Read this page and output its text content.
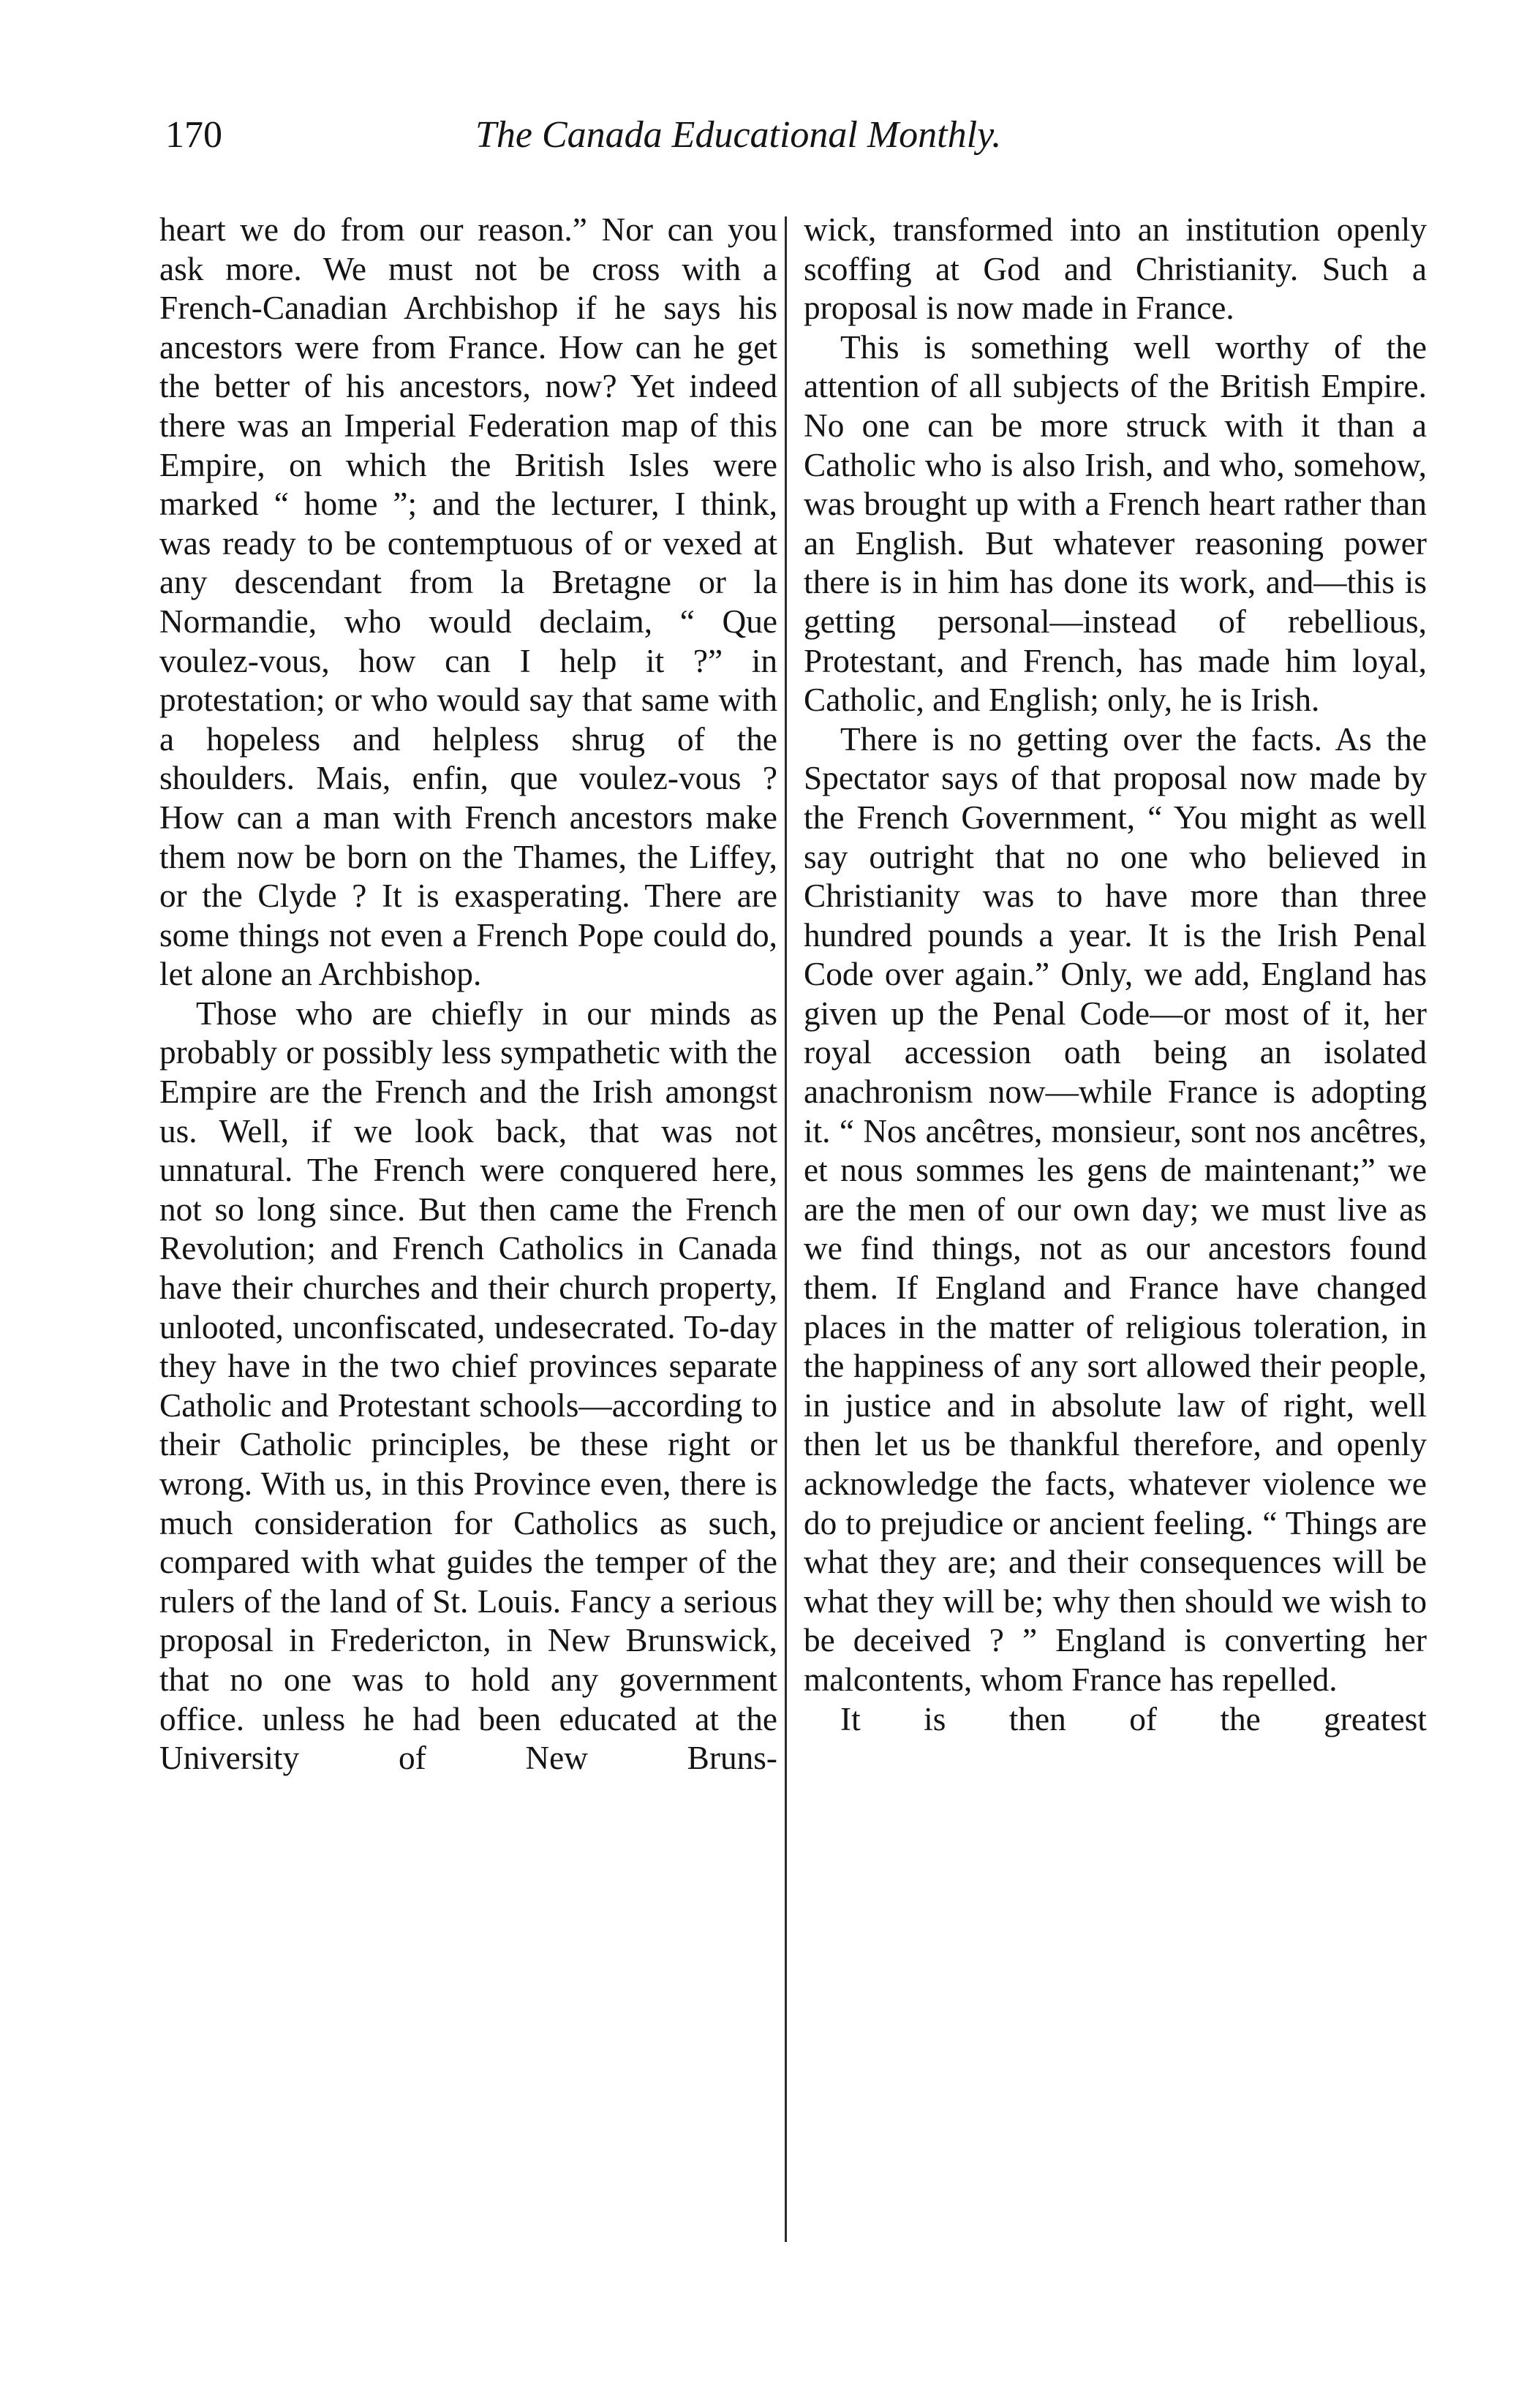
170	The Canada Educational Monthly.

heart we do from our reason.” Nor can you ask more. We must not be cross with a French-Canadian Archbishop if he says his ancestors were from France. How can he get the better of his ancestors, now? Yet indeed there was an Imperial Federation map of this Empire, on which the British Isles were marked “ home ”; and the lecturer, I think, was ready to be contemptuous of or vexed at any descendant from la Bretagne or la Normandie, who would declaim, “ Que voulez-vous, how can I help it ?” in protestation; or who would say that same with a hopeless and helpless shrug of the shoulders. Mais, enfin, que voulez-vous ? How can a man with French ancestors make them now be born on the Thames, the Liffey, or the Clyde ? It is exasperating. There are some things not even a French Pope could do, let alone an Archbishop.

Those who are chiefly in our minds as probably or possibly less sympathetic with the Empire are the French and the Irish amongst us. Well, if we look back, that was not unnatural. The French were conquered here, not so long since. But then came the French Revolution; and French Catholics in Canada have their churches and their church property, unlooted, unconfiscated, undesecrated. To-day they have in the two chief provinces separate Catholic and Protestant schools—according to their Catholic principles, be these right or wrong. With us, in this Province even, there is much consideration for Catholics as such, compared with what guides the temper of the rulers of the land of St. Louis. Fancy a serious proposal in Fredericton, in New Brunswick, that no one was to hold any government office. unless he had been educated at the University of New Bruns-

wick, transformed into an institution openly scoffing at God and Christianity. Such a proposal is now made in France.

This is something well worthy of the attention of all subjects of the British Empire. No one can be more struck with it than a Catholic who is also Irish, and who, somehow, was brought up with a French heart rather than an English. But whatever reasoning power there is in him has done its work, and—this is getting personal—instead of rebellious, Protestant, and French, has made him loyal, Catholic, and English; only, he is Irish.

There is no getting over the facts. As the Spectator says of that proposal now made by the French Government, “ You might as well say outright that no one who believed in Christianity was to have more than three hundred pounds a year. It is the Irish Penal Code over again.” Only, we add, England has given up the Penal Code—or most of it, her royal accession oath being an isolated anachronism now—while France is adopting it. “ Nos ancêtres, monsieur, sont nos ancêtres, et nous sommes les gens de maintenant;” we are the men of our own day; we must live as we find things, not as our ancestors found them. If England and France have changed places in the matter of religious toleration, in the happiness of any sort allowed their people, in justice and in absolute law of right, well then let us be thankful therefore, and openly acknowledge the facts, whatever violence we do to prejudice or ancient feeling. “ Things are what they are; and their consequences will be what they will be; why then should we wish to be deceived ? ” England is converting her malcontents, whom France has repelled.

It is then of the greatest
